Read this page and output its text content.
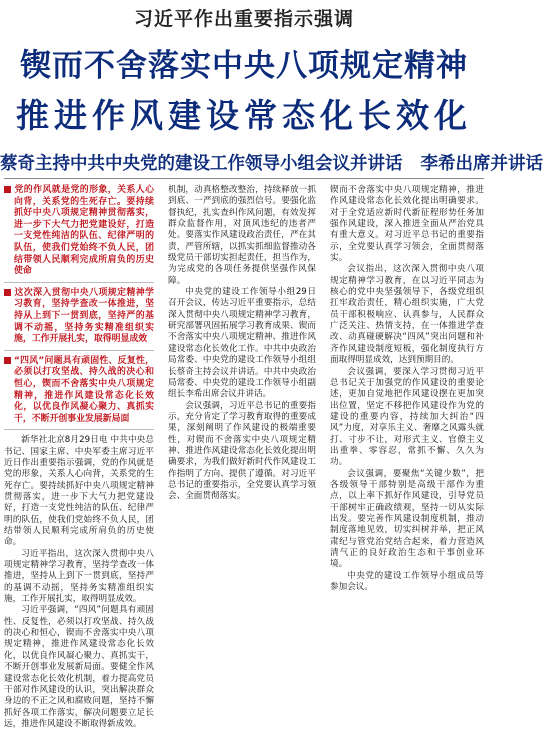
习近平作出重要指示强调
锲而不舍落实中央八项规定精神
推进作风建设常态化长效化
蔡奇主持中共中央党的建设工作领导小组会议并讲话 李希出席并讲话

党的作风就是党的形象，关系人心向背，关系党的生死存亡。要持续抓好中央八项规定精神贯彻落实，进一步下大气力把党建设好，打造一支党性纯洁的队伍、纪律严明的队伍，使我们党始终不负人民，团结带领人民顺利完成所肩负的历史使命

这次深入贯彻中央八项规定精神学习教育，坚持学查改一体推进，坚持从上到下一贯到底，坚持严的基调不动摇，坚持务实精准组织实施，工作开展扎实，取得明显成效

“四风”问题具有顽固性、反复性，必须以打攻坚战、持久战的决心和恒心，锲而不舍落实中央八项规定精神，推进作风建设常态化长效化，以优良作风凝心聚力、真抓实干，不断开创事业发展新局面

新华社北京8月29日电 中共中央总书记、国家主席、中央军委主席习近平近日作出重要指示强调，党的作风就是党的形象，关系人心向背，关系党的生死存亡。要持续抓好中央八项规定精神贯彻落实，进一步下大气力把党建设好，打造一支党性纯洁的队伍、纪律严明的队伍，使我们党始终不负人民，团结带领人民顺利完成所肩负的历史使命。

习近平指出，这次深入贯彻中央八项规定精神学习教育，坚持学查改一体推进，坚持从上到下一贯到底，坚持严的基调不动摇，坚持务实精准组织实施，工作开展扎实，取得明显成效。

习近平强调，“四风”问题具有顽固性、反复性，必须以打攻坚战、持久战的决心和恒心，锲而不舍落实中央八项规定精神，推进作风建设常态化长效化，以优良作风凝心聚力、真抓实干，不断开创事业发展新局面。要健全作风建设常态化长效化机制，着力提高党员干部对作风建设的认识，突出解决群众身边的不正之风和腐败问题，坚持不懈抓好各项工作落实，解决问题要立足长远，推进作风建设不断取得新成效。

机制，动真格整改整治，持续释放一抓到底、一严到底的强烈信号。要强化监督执纪，扎实查纠作风问题，有效发挥群众监督作用，对顶风违纪的违者严处。要落实作风建设政治责任，严在其责，严管所辖，以抓实抓细监督推动各级党员干部切实担起责任，担当作为，为完成党的各项任务提供坚强作风保障。

中央党的建设工作领导小组29日召开会议，传达习近平重要指示，总结深入贯彻中央八项规定精神学习教育，研究部署巩固拓展学习教育成果、锲而不舍落实中央八项规定精神、推进作风建设常态化长效化工作。中共中央政治局常委、中央党的建设工作领导小组组长蔡奇主持会议并讲话。中共中央政治局常委、中央党的建设工作领导小组副组长李希出席会议并讲话。

会议强调，习近平总书记的重要指示，充分肯定了学习教育取得的重要成果，深刻阐明了作风建设的极端重要性，对锲而不舍落实中央八项规定精神、推进作风建设常态化长效化提出明确要求，为我们做好新时代作风建设工作指明了方向、提供了遵循。对习近平总书记的重要指示，全党要认真学习领会、全面贯彻落实。

锲而不舍落实中央八项规定精神，推进作风建设常态化长效化提出明确要求。对于全党适应新时代新征程形势任务加强作风建设，深入推进全面从严治党具有重大意义。对习近平总书记的重要指示，全党要认真学习领会，全面贯彻落实。

会议指出，这次深入贯彻中央八项规定精神学习教育，在以习近平同志为核心的党中央坚强领导下，各级党组织扛牢政治责任，精心组织实施，广大党员干部积极响应、认真参与，人民群众广泛关注、热情支持，在一体推进学查改、动真碰硬解决“四风”突出问题和补齐作风建设制度短板，强化制度执行方面取得明显成效，达到预期目的。

会议强调，要深入学习贯彻习近平总书记关于加强党的作风建设的重要论述，更加自觉地把作风建设摆在更加突出位置，坚定不移把作风建设作为党的建设的重要内容，持续加大纠治“四风”力度，对享乐主义、奢靡之风露头就打、寸步不让，对形式主义、官僚主义出重拳、零容忍，常抓不懈、久久为功。

会议强调，要聚焦“关键少数”，把各级领导干部特别是高级干部作为重点，以上率下抓好作风建设，引导党员干部树牢正确政绩观，坚持一切从实际出发。要完善作风建设制度机制，推动制度落地见效，切实纠树并举，把正风肃纪与管党治党结合起来，着力营造风清气正的良好政治生态和干事创业环境。

中央党的建设工作领导小组成员等参加会议。
